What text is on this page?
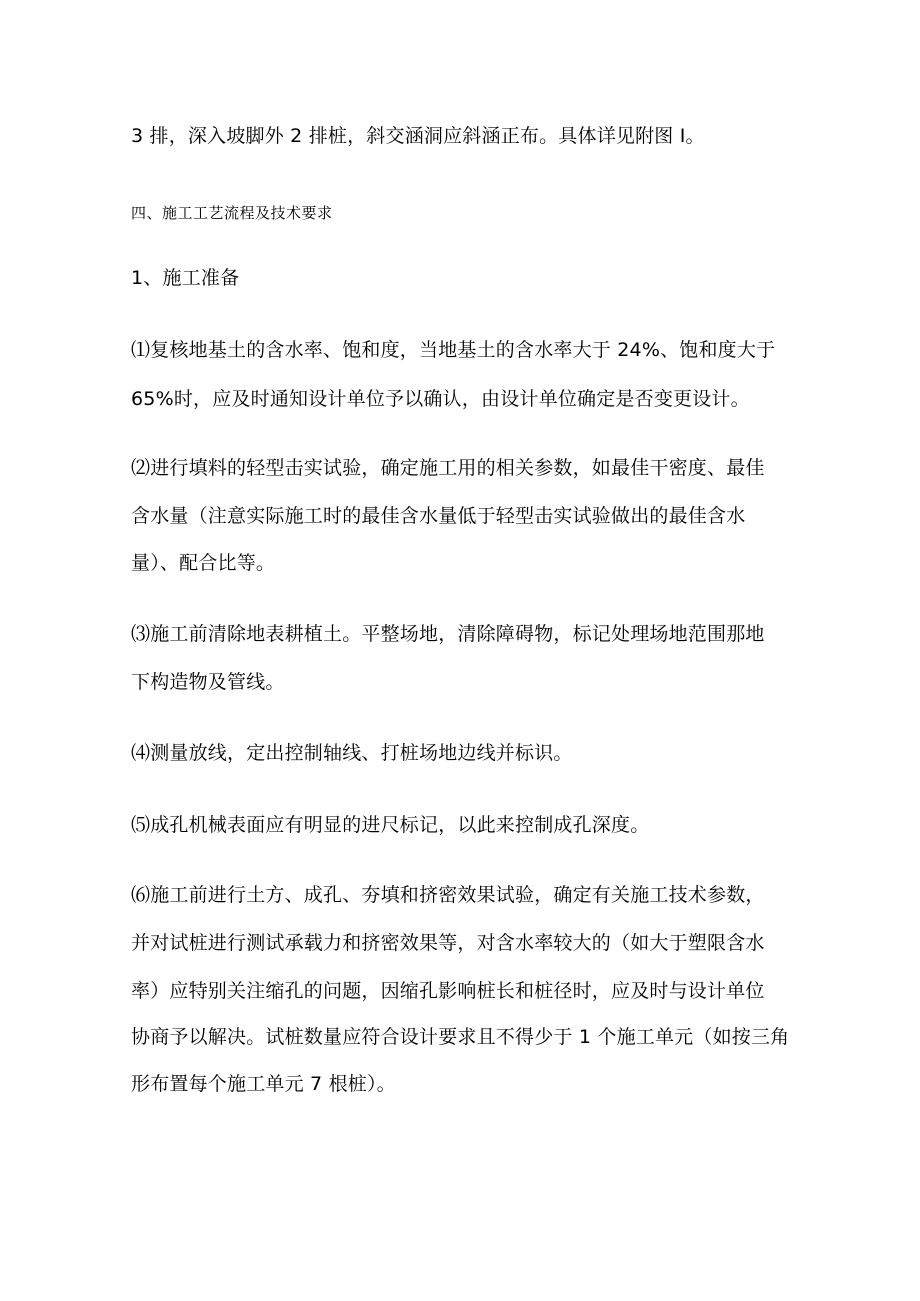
3 排，深入坡脚外 2 排桩，斜交涵洞应斜涵正布。具体详见附图 I。
四、施工工艺流程及技术要求
1、施工准备
⑴复核地基土的含水率、饱和度，当地基土的含水率大于 24%、饱和度大于
65%时，应及时通知设计单位予以确认，由设计单位确定是否变更设计。
⑵进行填料的轻型击实试验，确定施工用的相关参数，如最佳干密度、最佳
含水量（注意实际施工时的最佳含水量低于轻型击实试验做出的最佳含水
量）、配合比等。
⑶施工前清除地表耕植土。平整场地，清除障碍物，标记处理场地范围那地
下构造物及管线。
⑷测量放线，定出控制轴线、打桩场地边线并标识。
⑸成孔机械表面应有明显的进尺标记，以此来控制成孔深度。
⑹施工前进行土方、成孔、夯填和挤密效果试验，确定有关施工技术参数，
并对试桩进行测试承载力和挤密效果等，对含水率较大的（如大于塑限含水
率）应特别关注缩孔的问题，因缩孔影响桩长和桩径时，应及时与设计单位
协商予以解决。试桩数量应符合设计要求且不得少于 1 个施工单元（如按三角
形布置每个施工单元 7 根桩）。
